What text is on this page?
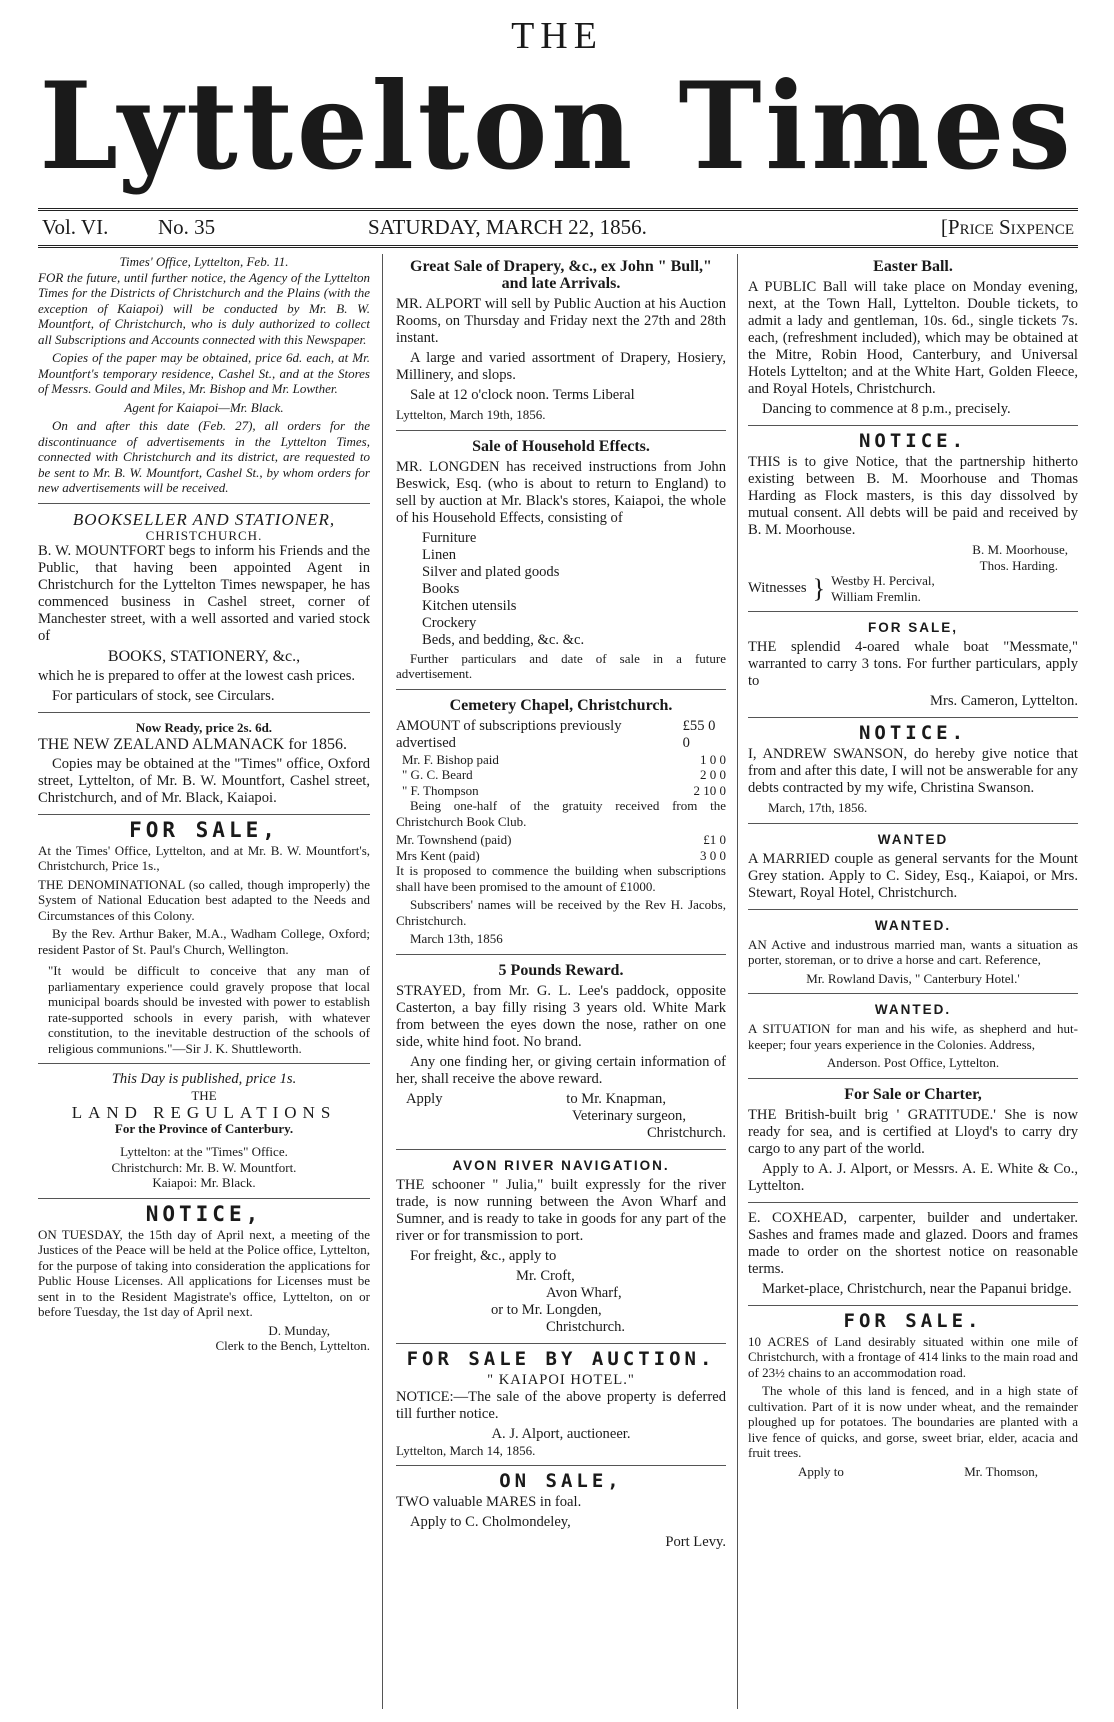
THE
Lyttelton Times
Vol. VI. No. 35	SATURDAY, MARCH 22, 1856.	[Price Sixpence
Times' Office, Lyttelton, Feb. 11.

FOR the future, until further notice, the Agency of the Lyttelton Times for the Districts of Christchurch and the Plains (with the exception of Kaiapoi) will be conducted by Mr. B. W. Mountfort, of Christchurch, who is duly authorized to collect all Subscriptions and Accounts connected with this Newspaper.

Copies of the paper may be obtained, price 6d. each, at Mr. Mountfort's temporary residence, Cashel St., and at the Stores of Messrs. Gould and Miles, Mr. Bishop and Mr. Lowther.

Agent for Kaiapoi—Mr. Black.

On and after this date (Feb. 27), all orders for the discontinuance of advertisements in the Lyttelton Times, connected with Christchurch and its district, are requested to be sent to Mr. B. W. Mountfort, Cashel St., by whom orders for new advertisements will be received.

BOOKSELLER AND STATIONER,
CHRISTCHURCH.

B. W. MOUNTFORT begs to inform his Friends and the Public, that having been appointed Agent in Christchurch for the Lyttelton Times newspaper, he has commenced business in Cashel street, corner of Manchester street, with a well assorted and varied stock of

BOOKS, STATIONERY, &c.,

which he is prepared to offer at the lowest cash prices.

For particulars of stock, see Circulars.

Now Ready, price 2s. 6d.

THE NEW ZEALAND ALMANACK for 1856.

Copies may be obtained at the "Times" office, Oxford street, Lyttelton, of Mr. B. W. Mountfort, Cashel street, Christchurch, and of Mr. Black, Kaiapoi.

FOR SALE,

At the Times' Office, Lyttelton, and at Mr. B. W. Mountfort's, Christchurch, Price 1s.,

THE DENOMINATIONAL (so called, though improperly) the System of National Education best adapted to the Needs and Circumstances of this Colony.

By the Rev. Arthur Baker, M.A., Wadham College, Oxford; resident Pastor of St. Paul's Church, Wellington.

"It would be difficult to conceive that any man of parliamentary experience could gravely propose that local municipal boards should be invested with power to establish rate-supported schools in every parish, with whatever constitution, to the inevitable destruction of the schools of religious communions."—Sir J. K. Shuttleworth.

This Day is published, price 1s.
THE
LAND REGULATIONS
For the Province of Canterbury.
Lyttelton: at the "Times" Office.
Christchurch: Mr. B. W. Mountfort.
Kaiapoi: Mr. Black.
NOTICE,

ON TUESDAY, the 15th day of April next, a meeting of the Justices of the Peace will be held at the Police office, Lyttelton, for the purpose of taking into consideration the applications for Public House Licenses. All applications for Licenses must be sent in to the Resident Magistrate's office, Lyttelton, on or before Tuesday, the 1st day of April next.

D. Munday,
Clerk to the Bench, Lyttelton.
Great Sale of Drapery, &c., ex John " Bull," and late Arrivals.

MR. ALPORT will sell by Public Auction at his Auction Rooms, on Thursday and Friday next the 27th and 28th instant.

A large and varied assortment of Drapery, Hosiery, Millinery, and slops.

Sale at 12 o'clock noon. Terms Liberal

Lyttelton, March 19th, 1856.
Sale of Household Effects.

MR. LONGDEN has received instructions from John Beswick, Esq. (who is about to return to England) to sell by auction at Mr. Black's stores, Kaiapoi, the whole of his Household Effects, consisting of

Furniture
Linen
Silver and plated goods
Books
Kitchen utensils
Crockery
Beds, and bedding, &c. &c.

Further particulars and date of sale in a future advertisement.

Cemetery Chapel, Christchurch.
AMOUNT of subscriptions previously advertised
£55 0 0
Mr. F. Bishop paid	1 0 0
" G. C. Beard	2 0 0
" F. Thompson	2 10 0

Being one-half of the gratuity received from the Christchurch Book Club.

Mr. Townshend (paid)	£1 0
Mrs Kent (paid)	3 0 0

It is proposed to commence the building when subscriptions shall have been promised to the amount of £1000.

Subscribers' names will be received by the Rev H. Jacobs, Christchurch.

March 13th, 1856
5 Pounds Reward.

STRAYED, from Mr. G. L. Lee's paddock, opposite Casterton, a bay filly rising 3 years old. White Mark from between the eyes down the nose, rather on one side, white hind foot. No brand.

Any one finding her, or giving certain information of her, shall receive the above reward.

Apply	to Mr. Knapman,
Veterinary surgeon,
Christchurch.
AVON RIVER NAVIGATION.

THE schooner " Julia," built expressly for the river trade, is now running between the Avon Wharf and Sumner, and is ready to take in goods for any part of the river or for transmission to port.

For freight, &c., apply to

Mr. Croft,
Avon Wharf,
or to Mr. Longden,
Christchurch.
FOR SALE BY AUCTION.
" KAIAPOI HOTEL."

NOTICE:—The sale of the above property is deferred till further notice.

A. J. Alport, auctioneer.
Lyttelton, March 14, 1856.
ON SALE,

TWO valuable MARES in foal.

Apply to C. Cholmondeley,

Port Levy.
Easter Ball.

A PUBLIC Ball will take place on Monday evening, next, at the Town Hall, Lyttelton. Double tickets, to admit a lady and gentleman, 10s. 6d., single tickets 7s. each, (refreshment included), which may be obtained at the Mitre, Robin Hood, Canterbury, and Universal Hotels Lyttelton; and at the White Hart, Golden Fleece, and Royal Hotels, Christchurch.

Dancing to commence at 8 p.m., precisely.

NOTICE.

THIS is to give Notice, that the partnership hitherto existing between B. M. Moorhouse and Thomas Harding as Flock masters, is this day dissolved by mutual consent. All debts will be paid and received by B. M. Moorhouse.

B. M. Moorhouse,
Thos. Harding.
Witnesses } Westby H. Percival,
William Fremlin.
FOR SALE,

THE splendid 4-oared whale boat "Messmate," warranted to carry 3 tons. For further particulars, apply to

Mrs. Cameron, Lyttelton.
NOTICE.

I, ANDREW SWANSON, do hereby give notice that from and after this date, I will not be answerable for any debts contracted by my wife, Christina Swanson.

March, 17th, 1856.
WANTED

A MARRIED couple as general servants for the Mount Grey station. Apply to C. Sidey, Esq., Kaiapoi, or Mrs. Stewart, Royal Hotel, Christchurch.

WANTED.

AN Active and industrous married man, wants a situation as porter, storeman, or to drive a horse and cart. Reference,

Mr. Rowland Davis, " Canterbury Hotel.'
WANTED.

A SITUATION for man and his wife, as shepherd and hut-keeper; four years experience in the Colonies. Address,

Anderson. Post Office, Lyttelton.
For Sale or Charter,

THE British-built brig ' GRATITUDE.' She is now ready for sea, and is certified at Lloyd's to carry dry cargo to any part of the world.

Apply to A. J. Alport, or Messrs. A. E. White & Co., Lyttelton.

E. COXHEAD, carpenter, builder and undertaker. Sashes and frames made and glazed. Doors and frames made to order on the shortest notice on reasonable terms.

Market-place, Christchurch, near the Papanui bridge.

FOR SALE.

10 ACRES of Land desirably situated within one mile of Christchurch, with a frontage of 414 links to the main road and of 23½ chains to an accommodation road.

The whole of this land is fenced, and in a high state of cultivation. Part of it is now under wheat, and the remainder ploughed up for potatoes. The boundaries are planted with a live fence of quicks, and gorse, sweet briar, elder, acacia and fruit trees.

Apply to	Mr. Thomson,
